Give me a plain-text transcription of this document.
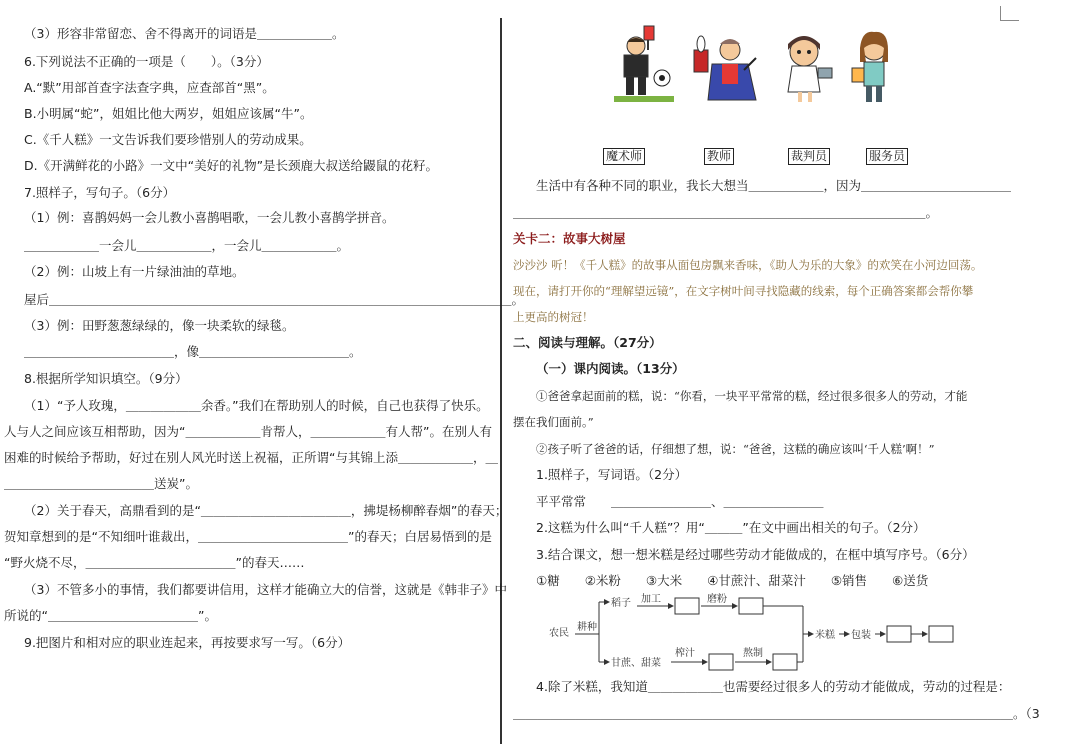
（3）形容非常留恋、舍不得离开的词语是＿＿＿＿＿＿。
6.下列说法不正确的一项是（　　）。（3分）
A.“默”用部首查字法查字典，应查部首“黑”。
B.小明属“蛇”，姐姐比他大两岁，姐姐应该属“牛”。
C.《千人糕》一文告诉我们要珍惜别人的劳动成果。
D.《开满鲜花的小路》一文中“美好的礼物”是长颈鹿大叔送给鼹鼠的花籽。
7.照样子，写句子。（6分）
（1）例：喜鹊妈妈一会儿教小喜鹊唱歌，一会儿教小喜鹊学拼音。
＿＿＿＿＿＿一会儿＿＿＿＿＿＿，一会儿＿＿＿＿＿＿。
（2）例：山坡上有一片绿油油的草地。
屋后＿＿＿＿＿＿＿＿＿＿＿＿＿＿＿＿＿＿＿＿＿＿＿＿＿＿＿＿＿＿＿＿＿＿＿＿＿。
（3）例：田野葱葱绿绿的，像一块柔软的绿毯。
＿＿＿＿＿＿＿＿＿＿＿＿，像＿＿＿＿＿＿＿＿＿＿＿＿。
8.根据所学知识填空。（9分）
（1）“予人玫瑰，＿＿＿＿＿＿余香。”我们在帮助别人的时候，自己也获得了快乐。
人与人之间应该互相帮助，因为“＿＿＿＿＿＿肯帮人，＿＿＿＿＿＿有人帮”。在别人有
困难的时候给予帮助，好过在别人风光时送上祝福，正所谓“与其锦上添＿＿＿＿＿＿，＿
＿＿＿＿＿＿＿＿＿＿＿＿送炭”。
（2）关于春天，高鼎看到的是“＿＿＿＿＿＿＿＿＿＿＿＿，拂堤杨柳醉春烟”的春天；
贺知章想到的是“不知细叶谁裁出，＿＿＿＿＿＿＿＿＿＿＿＿”的春天；白居易悟到的是
“野火烧不尽，＿＿＿＿＿＿＿＿＿＿＿＿”的春天……
（3）不管多小的事情，我们都要讲信用，这样才能确立大的信誉，这就是《韩非子》中
所说的“＿＿＿＿＿＿＿＿＿＿＿＿”。
9.把图片和相对应的职业连起来，再按要求写一写。（6分）
魔术师	教师	裁判员	服务员
生活中有各种不同的职业，我长大想当＿＿＿＿＿＿，因为＿＿＿＿＿＿＿＿＿＿＿＿
＿＿＿＿＿＿＿＿＿＿＿＿＿＿＿＿＿＿＿＿＿＿＿＿＿＿＿＿＿＿＿＿＿。
关卡二：故事大树屋
沙沙沙 听！《千人糕》的故事从面包房飘来香味，《助人为乐的大象》的欢笑在小河边回荡。
现在，请打开你的“理解望远镜”，在文字树叶间寻找隐藏的线索，每个正确答案都会帮你攀
上更高的树冠！
二、阅读与理解。（27分）
（一）课内阅读。（13分）
①爸爸拿起面前的糕，说：“你看，一块平平常常的糕，经过很多很多人的劳动，才能
摆在我们面前。”
②孩子听了爸爸的话，仔细想了想，说：“爸爸，这糕的确应该叫‘千人糕’啊！”
1.照样子，写词语。（2分）
平平常常　　＿＿＿＿＿＿＿＿、＿＿＿＿＿＿＿＿
2.这糕为什么叫“千人糕”？用“＿＿＿”在文中画出相关的句子。（2分）
3.结合课文，想一想米糕是经过哪些劳动才能做成的，在框中填写序号。（6分）
①糖　　②米粉　　③大米　　④甘蔗汁、甜菜汁　　⑤销售　　⑥送货
农民
耕种
稻子 加工	磨粉
甘蔗、甜菜
榨汁	熬制
米糕 包装
4.除了米糕，我知道＿＿＿＿＿＿也需要经过很多人的劳动才能做成，劳动的过程是：
＿＿＿＿＿＿＿＿＿＿＿＿＿＿＿＿＿＿＿＿＿＿＿＿＿＿＿＿＿＿＿＿＿＿＿＿＿＿＿＿。（3
